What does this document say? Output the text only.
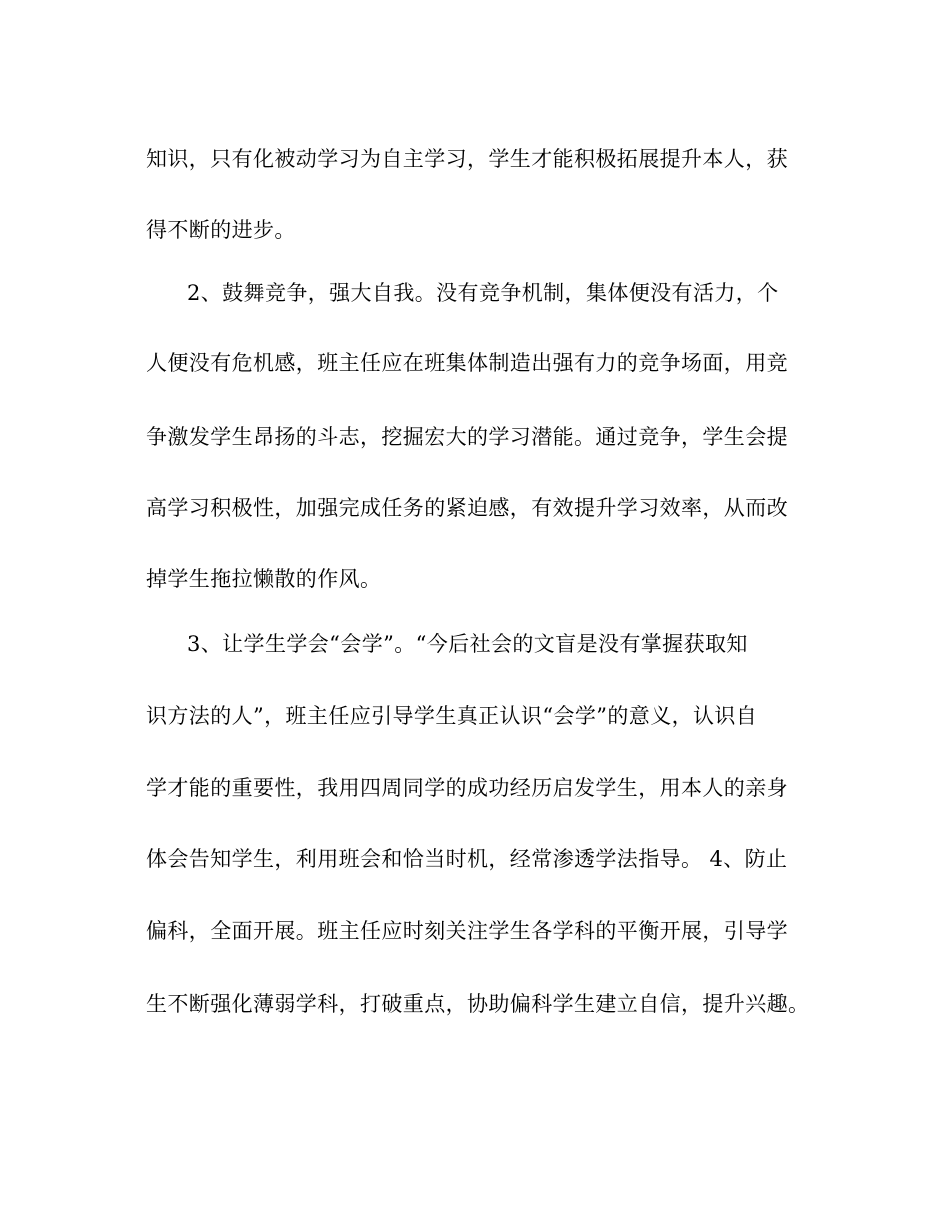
知识，只有化被动学习为自主学习，学生才能积极拓展提升本人，获
得不断的进步。
2、鼓舞竞争，强大自我。没有竞争机制，集体便没有活力，个
人便没有危机感，班主任应在班集体制造出强有力的竞争场面，用竞
争激发学生昂扬的斗志，挖掘宏大的学习潜能。通过竞争，学生会提
高学习积极性，加强完成任务的紧迫感，有效提升学习效率，从而改
掉学生拖拉懒散的作风。
3、让学生学会“会学”。“今后社会的文盲是没有掌握获取知
识方法的人”，班主任应引导学生真正认识“会学”的意义，认识自
学才能的重要性，我用四周同学的成功经历启发学生，用本人的亲身
体会告知学生，利用班会和恰当时机，经常渗透学法指导。 4、防止
偏科，全面开展。班主任应时刻关注学生各学科的平衡开展，引导学
生不断强化薄弱学科，打破重点，协助偏科学生建立自信，提升兴趣。
